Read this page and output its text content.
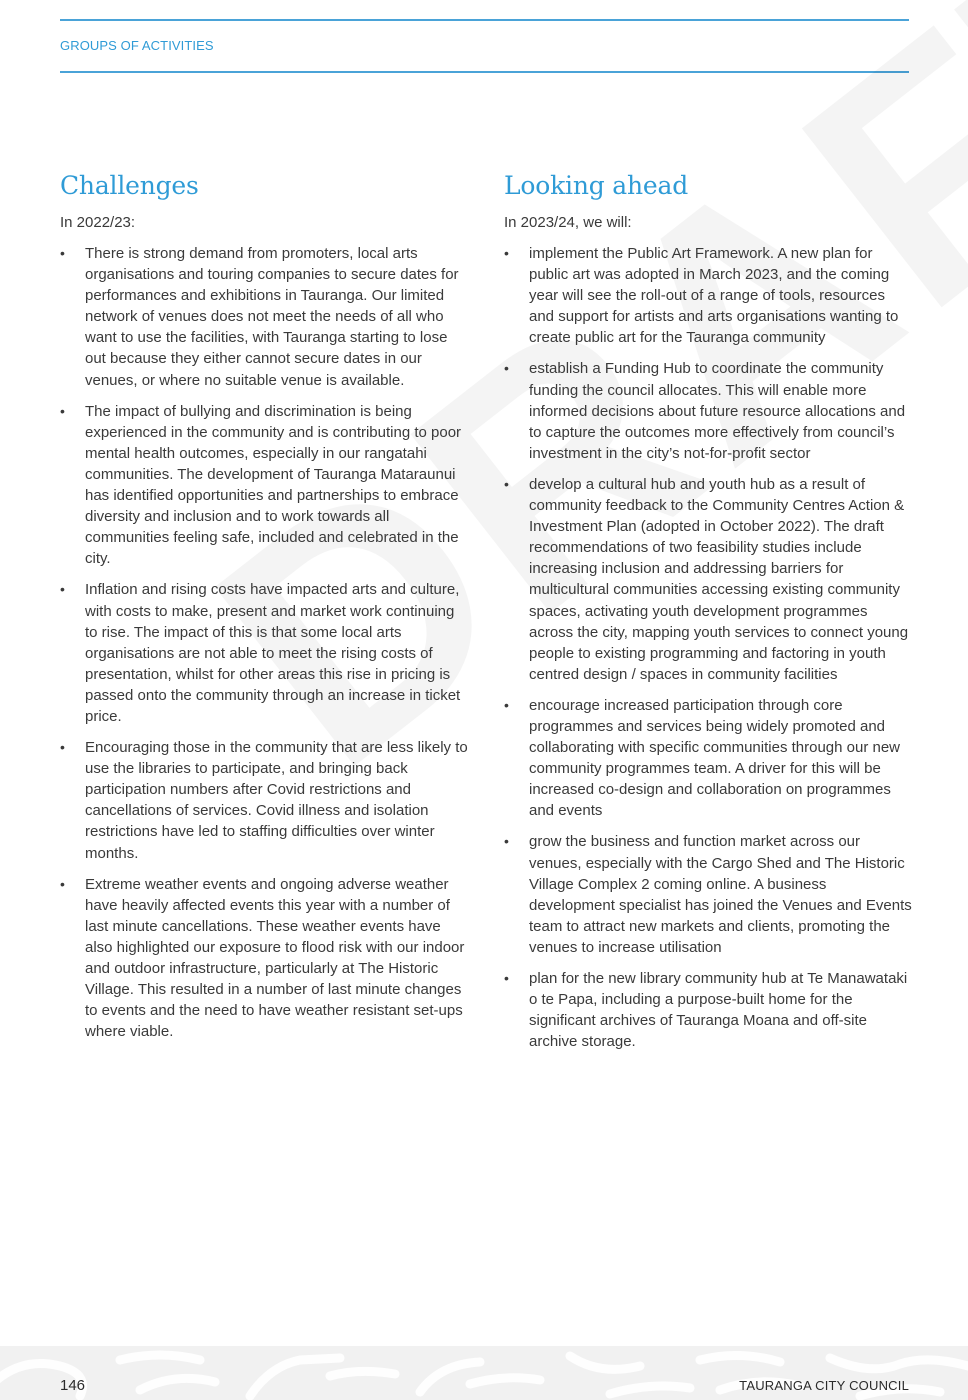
GROUPS OF ACTIVITIES
Challenges

In 2022/23:

• There is strong demand from promoters, local arts organisations and touring companies to secure dates for performances and exhibitions in Tauranga. Our limited network of venues does not meet the needs of all who want to use the facilities, with Tauranga starting to lose out because they either cannot secure dates in our venues, or where no suitable venue is available.
• The impact of bullying and discrimination is being experienced in the community and is contributing to poor mental health outcomes, especially in our rangatahi communities. The development of Tauranga Mataraunui has identified opportunities and partnerships to embrace diversity and inclusion and to work towards all communities feeling safe, included and celebrated in the city.
• Inflation and rising costs have impacted arts and culture, with costs to make, present and market work continuing to rise. The impact of this is that some local arts organisations are not able to meet the rising costs of presentation, whilst for other areas this rise in pricing is passed onto the community through an increase in ticket price.
• Encouraging those in the community that are less likely to use the libraries to participate, and bringing back participation numbers after Covid restrictions and cancellations of services. Covid illness and isolation restrictions have led to staffing difficulties over winter months.
• Extreme weather events and ongoing adverse weather have heavily affected events this year with a number of last minute cancellations. These weather events have also highlighted our exposure to flood risk with our indoor and outdoor infrastructure, particularly at The Historic Village. This resulted in a number of last minute changes to events and the need to have weather resistant set-ups where viable.
Looking ahead

In 2023/24, we will:

• implement the Public Art Framework. A new plan for public art was adopted in March 2023, and the coming year will see the roll-out of a range of tools, resources and support for artists and arts organisations wanting to create public art for the Tauranga community
• establish a Funding Hub to coordinate the community funding the council allocates. This will enable more informed decisions about future resource allocations and to capture the outcomes more effectively from council’s investment in the city’s not-for-profit sector
• develop a cultural hub and youth hub as a result of community feedback to the Community Centres Action & Investment Plan (adopted in October 2022). The draft recommendations of two feasibility studies include increasing inclusion and addressing barriers for multicultural communities accessing existing community spaces, activating youth development programmes across the city, mapping youth services to connect young people to existing programming and factoring in youth centred design / spaces in community facilities
• encourage increased participation through core programmes and services being widely promoted and collaborating with specific communities through our new community programmes team. A driver for this will be increased co-design and collaboration on programmes and events
• grow the business and function market across our venues, especially with the Cargo Shed and The Historic Village Complex 2 coming online. A business development specialist has joined the Venues and Events team to attract new markets and clients, promoting the venues to increase utilisation
• plan for the new library community hub at Te Manawataki o te Papa, including a purpose-built home for the significant archives of Tauranga Moana and off-site archive storage.
146	TAURANGA CITY COUNCIL
